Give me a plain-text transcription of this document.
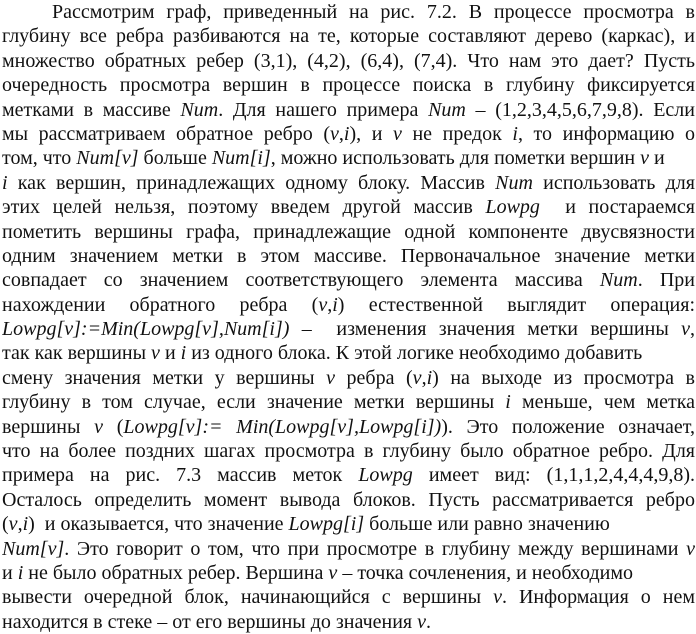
Рассмотрим граф, приведенный на рис. 7.2. В процессе просмотра в
глубину все ребра разбиваются на те, которые составляют дерево (каркас), и
множество обратных ребер (3,1), (4,2), (6,4), (7,4). Что нам это дает? Пусть
очередность просмотра вершин в процессе поиска в глубину фиксируется
метками в массиве Num. Для нашего примера Num – (1,2,3,4,5,6,7,9,8). Если
мы рассматриваем обратное ребро (v,i), и v не предок i, то информацию о
том, что Num[v] больше Num[i], можно использовать для пометки вершин v и
i как вершин, принадлежащих одному блоку. Массив Num использовать для
этих целей нельзя, поэтому введем другой массив Lowpg  и постараемся
пометить вершины графа, принадлежащие одной компоненте двусвязности
одним значением метки в этом массиве. Первоначальное значение метки
совпадает со значением соответствующего элемента массива Num. При
нахождении обратного ребра (v,i) естественной выглядит операция:
Lowpg[v]:=Min(Lowpg[v],Num[i]) –  изменения значения метки вершины v,
так как вершины v и i из одного блока. К этой логике необходимо добавить
смену значения метки у вершины v ребра (v,i) на выходе из просмотра в
глубину в том случае, если значение метки вершины i меньше, чем метка
вершины v (Lowpg[v]:= Min(Lowpg[v],Lowpg[i])). Это положение означает,
что на более поздних шагах просмотра в глубину было обратное ребро. Для
примера на рис. 7.3 массив меток Lowpg имеет вид: (1,1,1,2,4,4,4,9,8).
Осталось определить момент вывода блоков. Пусть рассматривается ребро
(v,i)  и оказывается, что значение Lowpg[i] больше или равно значению
Num[v]. Это говорит о том, что при просмотре в глубину между вершинами v
и i не было обратных ребер. Вершина v – точка сочленения, и необходимо
вывести очередной блок, начинающийся с вершины v. Информация о нем
находится в стеке – от его вершины до значения v.
